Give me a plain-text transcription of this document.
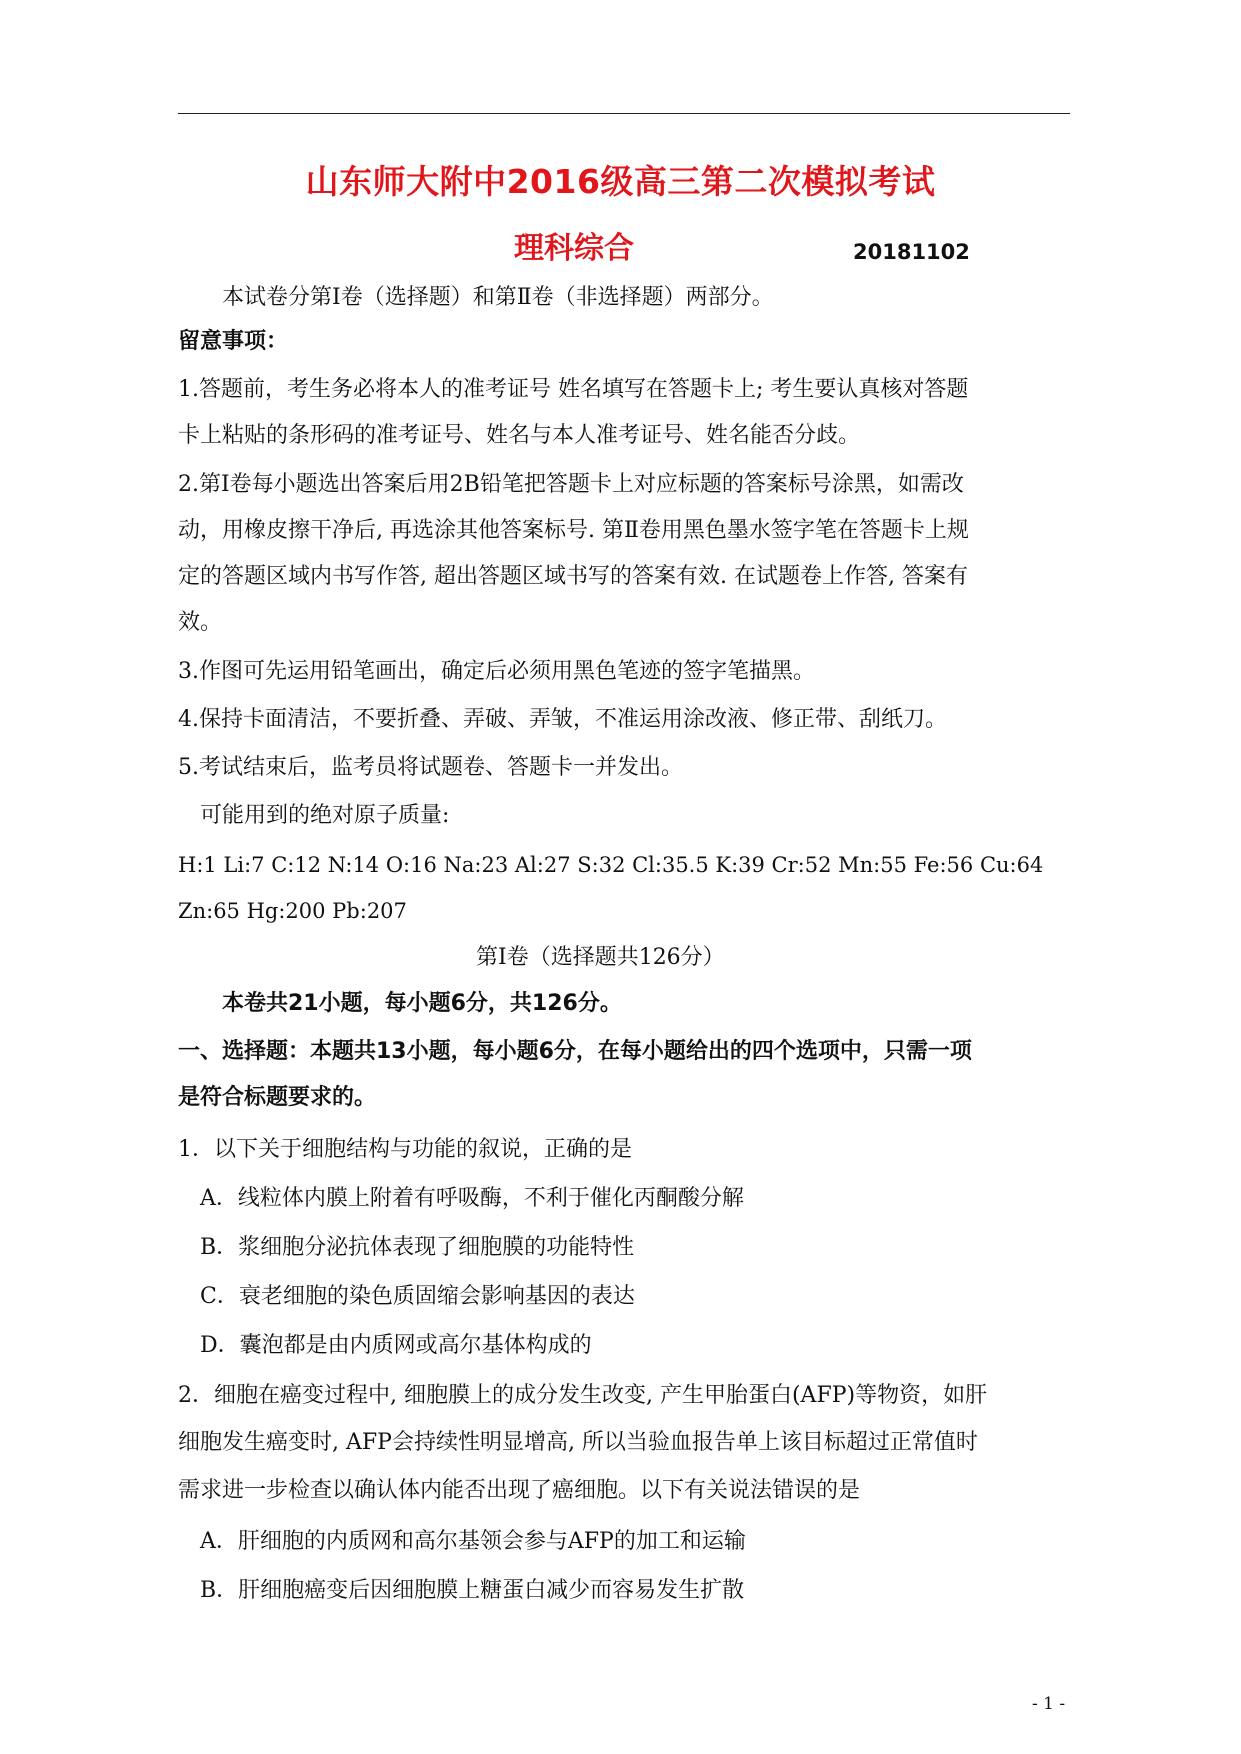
山东师大附中2016级高三第二次模拟考试
理科综合	20181102
本试卷分第Ⅰ卷（选择题）和第Ⅱ卷（非选择题）两部分。
留意事项：
1.答题前，考生务必将本人的准考证号 姓名填写在答题卡上; 考生要认真核对答题
卡上粘贴的条形码的准考证号、姓名与本人准考证号、姓名能否分歧。
2.第Ⅰ卷每小题选出答案后用2B铅笔把答题卡上对应标题的答案标号涂黑，如需改
动，用橡皮擦干净后, 再选涂其他答案标号. 第Ⅱ卷用黑色墨水签字笔在答题卡上规
定的答题区域内书写作答, 超出答题区域书写的答案有效. 在试题卷上作答, 答案有
效。
3.作图可先运用铅笔画出，确定后必须用黑色笔迹的签字笔描黑。
4.保持卡面清洁，不要折叠、弄破、弄皱，不准运用涂改液、修正带、刮纸刀。
5.考试结束后，监考员将试题卷、答题卡一并发出。
可能用到的绝对原子质量:
H:1 Li:7 C:12 N:14 O:16 Na:23 Al:27 S:32 Cl:35.5 K:39 Cr:52 Mn:55 Fe:56 Cu:64
Zn:65 Hg:200 Pb:207
第Ⅰ卷（选择题共126分）
本卷共21小题，每小题6分，共126分。
一、选择题：本题共13小题，每小题6分，在每小题给出的四个选项中，只需一项
是符合标题要求的。
1．以下关于细胞结构与功能的叙说，正确的是
A．线粒体内膜上附着有呼吸酶，不利于催化丙酮酸分解
B．浆细胞分泌抗体表现了细胞膜的功能特性
C．衰老细胞的染色质固缩会影响基因的表达
D．囊泡都是由内质网或高尔基体构成的
2．细胞在癌变过程中, 细胞膜上的成分发生改变, 产生甲胎蛋白(AFP)等物资，如肝
细胞发生癌变时, AFP会持续性明显增高, 所以当验血报告单上该目标超过正常值时
需求进一步检查以确认体内能否出现了癌细胞。以下有关说法错误的是
A．肝细胞的内质网和高尔基领会参与AFP的加工和运输
B．肝细胞癌变后因细胞膜上糖蛋白减少而容易发生扩散
- 1 -
